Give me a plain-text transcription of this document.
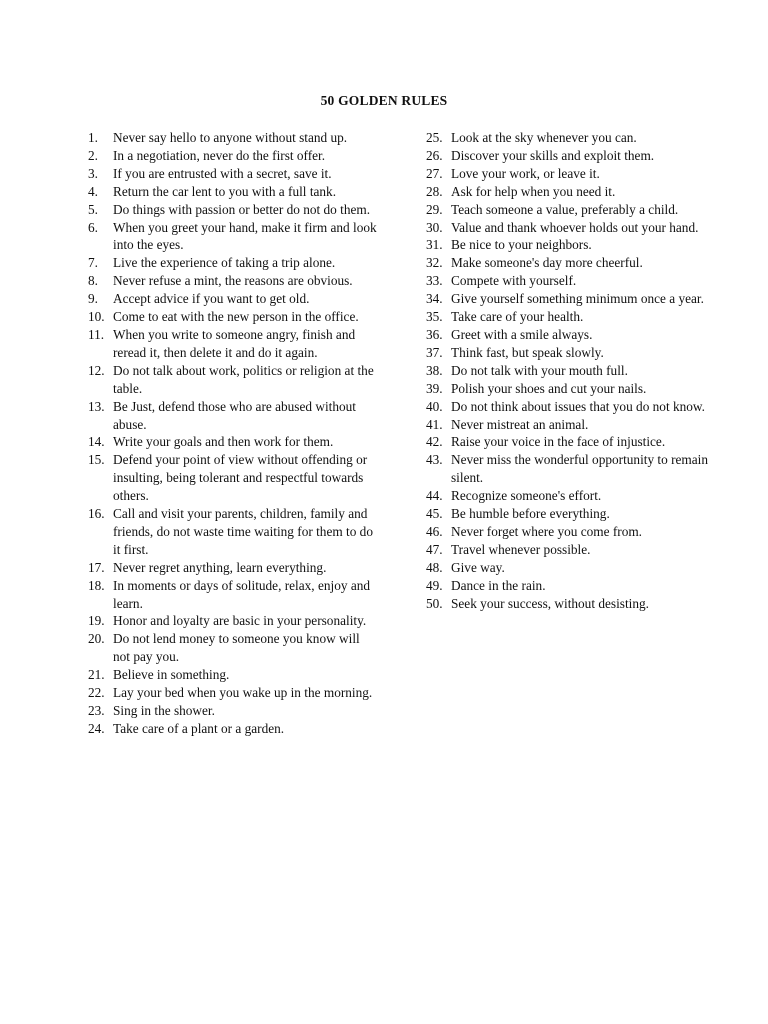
50 GOLDEN RULES
1. Never say hello to anyone without stand up.
2. In a negotiation, never do the first offer.
3. If you are entrusted with a secret, save it.
4. Return the car lent to you with a full tank.
5. Do things with passion or better do not do them.
6. When you greet your hand, make it firm and look into the eyes.
7. Live the experience of taking a trip alone.
8. Never refuse a mint, the reasons are obvious.
9. Accept advice if you want to get old.
10. Come to eat with the new person in the office.
11. When you write to someone angry, finish and reread it, then delete it and do it again.
12. Do not talk about work, politics or religion at the table.
13. Be Just, defend those who are abused without abuse.
14. Write your goals and then work for them.
15. Defend your point of view without offending or insulting, being tolerant and respectful towards others.
16. Call and visit your parents, children, family and friends, do not waste time waiting for them to do it first.
17. Never regret anything, learn everything.
18. In moments or days of solitude, relax, enjoy and learn.
19. Honor and loyalty are basic in your personality.
20. Do not lend money to someone you know will not pay you.
21. Believe in something.
22. Lay your bed when you wake up in the morning.
23. Sing in the shower.
24. Take care of a plant or a garden.
25. Look at the sky whenever you can.
26. Discover your skills and exploit them.
27. Love your work, or leave it.
28. Ask for help when you need it.
29. Teach someone a value, preferably a child.
30. Value and thank whoever holds out your hand.
31. Be nice to your neighbors.
32. Make someone's day more cheerful.
33. Compete with yourself.
34. Give yourself something minimum once a year.
35. Take care of your health.
36. Greet with a smile always.
37. Think fast, but speak slowly.
38. Do not talk with your mouth full.
39. Polish your shoes and cut your nails.
40. Do not think about issues that you do not know.
41. Never mistreat an animal.
42. Raise your voice in the face of injustice.
43. Never miss the wonderful opportunity to remain silent.
44. Recognize someone's effort.
45. Be humble before everything.
46. Never forget where you come from.
47. Travel whenever possible.
48. Give way.
49. Dance in the rain.
50. Seek your success, without desisting.
